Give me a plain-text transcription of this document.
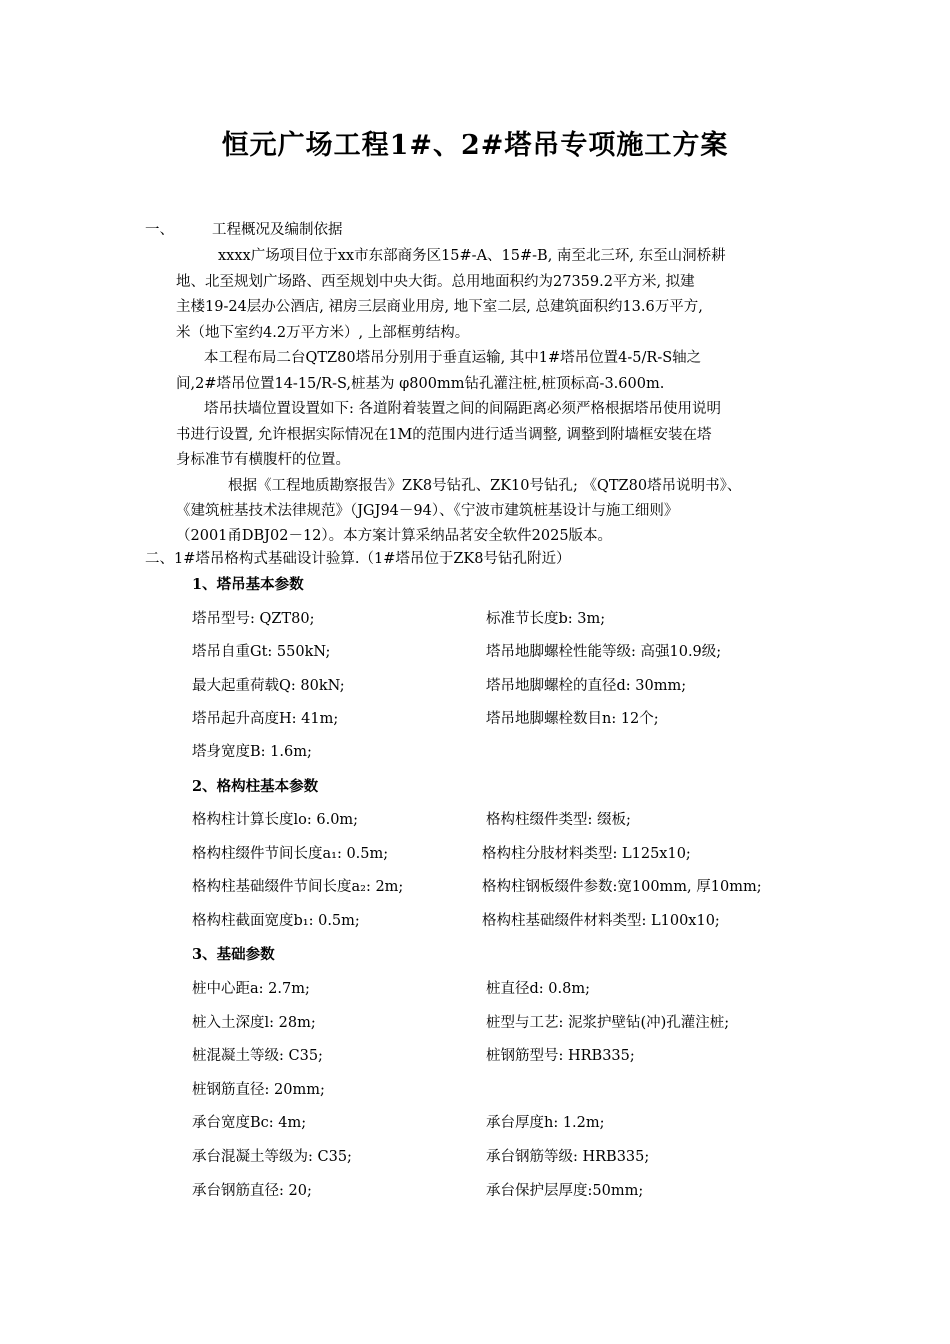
恒元广场工程1#、2#塔吊专项施工方案
一、	工程概况及编制依据
xxxx广场项目位于xx市东部商务区15#-A、15#-B, 南至北三环, 东至山洞桥耕
地、北至规划广场路、西至规划中央大街。总用地面积约为27359.2平方米, 拟建
主楼19-24层办公酒店, 裙房三层商业用房, 地下室二层, 总建筑面积约13.6万平方,
米（地下室约4.2万平方米）, 上部框剪结构。
本工程布局二台QTZ80塔吊分别用于垂直运输, 其中1#塔吊位置4-5/R-S轴之
间,2#塔吊位置14-15/R-S,桩基为 φ800mm钻孔灌注桩,桩顶标高-3.600m.
塔吊扶墙位置设置如下: 各道附着装置之间的间隔距离必须严格根据塔吊使用说明
书进行设置, 允许根据实际情况在1M的范围内进行适当调整, 调整到附墙框安装在塔
身标准节有横腹杆的位置。
根据《工程地质勘察报告》ZK8号钻孔、ZK10号钻孔; 《QTZ80塔吊说明书》、
《建筑桩基技术法律规范》（JGJ94－94）、《宁波市建筑桩基设计与施工细则》
（2001甬DBJ02－12）。本方案计算采纳品茗安全软件2025版本。
二、1#塔吊格构式基础设计验算.（1#塔吊位于ZK8号钻孔附近）
1、塔吊基本参数
塔吊型号: QZT80;	标准节长度b: 3m;
塔吊自重Gt: 550kN;	塔吊地脚螺栓性能等级: 高强10.9级;
最大起重荷载Q: 80kN;	塔吊地脚螺栓的直径d: 30mm;
塔吊起升高度H: 41m;	塔吊地脚螺栓数目n: 12个;
塔身宽度B: 1.6m;
2、格构柱基本参数
格构柱计算长度lo: 6.0m;	格构柱缀件类型: 缀板;
格构柱缀件节间长度a₁: 0.5m;	格构柱分肢材料类型: L125x10;
格构柱基础缀件节间长度a₂: 2m;	格构柱钢板缀件参数:宽100mm, 厚10mm;
格构柱截面宽度b₁: 0.5m;	格构柱基础缀件材料类型: L100x10;
3、基础参数
桩中心距a: 2.7m;	桩直径d: 0.8m;
桩入土深度l: 28m;	桩型与工艺: 泥浆护壁钻(冲)孔灌注桩;
桩混凝土等级: C35;	桩钢筋型号: HRB335;
桩钢筋直径: 20mm;
承台宽度Bc: 4m;	承台厚度h: 1.2m;
承台混凝土等级为: C35;	承台钢筋等级: HRB335;
承台钢筋直径: 20;	承台保护层厚度:50mm;
